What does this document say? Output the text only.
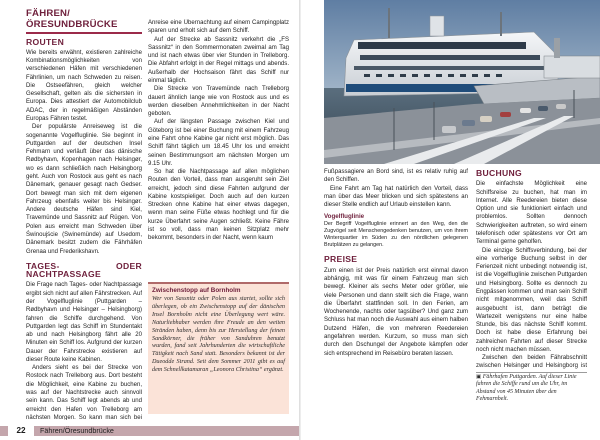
FÄHREN/ÖRESUNDBRÜCKE
ROUTEN

Wie bereits erwähnt, existieren zahlreiche Kombinationsmöglichkeiten von verschiedenen Häfen mit verschiedenen Fährlinien, um nach Schweden zu reisen. Die Ostseefähren, gleich welcher Gesellschaft, gelten als die sichersten in Europa. Dies attestiert der Automobilclub ADAC, der in regelmäßigen Abständen Europas Fähren testet.

Der populärste Anreiseweg ist die sogenannte Vogelfluglinie. Sie beginnt in Puttgarden auf der deutschen Insel Fehmarn und verläuft über das dänische Rødbyhavn, Kopenhagen nach Helsingør, wo es dann schließlich nach Helsingborg geht. Auch von Rostock aus geht es nach Dänemark, genauer gesagt nach Gedser. Dort bewegt man sich mit dem eigenen Fahrzeug ebenfalls weiter bis Helsingør. Andere deutsche Häfen sind Kiel, Travemünde und Sassnitz auf Rügen. Von Polen aus erreicht man Schweden über Świnoujście (Swinemünde) auf Usedom, Dänemark besitzt zudem die Fährhäfen Grenaa und Frederikshavn.

TAGES- ODER NACHTPASSAGE

Die Frage nach Tages- oder Nachtpassage ergibt sich nicht auf allen Fährstrecken. Auf der Vogelfluglinie (Puttgarden – Rødbyhavn und Helsingør – Helsingborg) fahren die Schiffe durchgehend. Von Puttgarden legt das Schiff im Stundentakt ab und nach Helsingborg fährt alle 20 Minuten ein Schiff los. Aufgrund der kurzen Dauer der Fahrstrecke existieren auf dieser Route keine Kabinen.

Anders sieht es bei der Strecke von Rostock nach Trelleborg aus. Dort besteht die Möglichkeit, eine Kabine zu buchen, was auf der Nachtstrecke auch sinnvoll sein kann. Das Schiff legt abends ab und erreicht den Hafen von Trelleborg am nächsten Morgen. So kann man sich bei

Anreise eine Übernachtung auf einem Campingplatz sparen und erholt sich auf dem Schiff.

Auf der Strecke ab Sassnitz verkehrt die „FS Sassnitz“ in den Sommermonaten zweimal am Tag und ist nach etwas über vier Stunden in Trelleborg. Die Abfahrt erfolgt in der Regel mittags und abends. Außerhalb der Hochsaison fährt das Schiff nur einmal täglich.

Die Strecke von Travemünde nach Trelleborg dauert ähnlich lange wie von Rostock aus und es werden dieselben Annehmlichkeiten in der Nacht geboten.

Auf der längsten Passage zwischen Kiel und Göteborg ist bei einer Buchung mit einem Fahrzeug eine Fahrt ohne Kabine gar nicht erst möglich. Das Schiff fährt täglich um 18.45 Uhr los und erreicht seinen Bestimmungsort am nächsten Morgen um 9.15 Uhr.

So hat die Nachtpassage auf allen möglichen Routen den Vorteil, dass man ausgeruht sein Ziel erreicht, jedoch sind diese Fahrten aufgrund der Kabine kostspieliger. Doch auch auf den kurzen Strecken ohne Kabine hat einer etwas dagegen, wenn man seine Füße etwas hochlegt und für die kurze Überfahrt seine Augen schließt. Keine Fähre ist so voll, dass man keinen Sitzplatz mehr bekommt, besonders in der Nacht, wenn kaum

Zwischenstopp auf Bornholm
Wer von Sassnitz oder Polen aus startet, sollte sich überlegen, ob ein Zwischenstopp auf der dänischen Insel Bornholm nicht eine Überlegung wert wäre. Naturliebhaber werden ihre Freude an den weiten Stränden haben, denn bis zur Herstellung der feinen Sandkörner, die früher von Sanduhren benutzt wurden, fand seit Jahrhunderten die wirtschaftliche Tätigkeit nach Sand statt. Besonders bekannt ist der Dueodde Strand. Seit dem Sommer 2011 gibt es auf dem Schnellkatamaran „Leonora Christina“ ergänzt.
22	Fähren/Öresundbrücke

Fußpassagiere an Bord sind, ist es relativ ruhig auf den Schiffen.

Eine Fahrt am Tag hat natürlich den Vorteil, dass man über das Meer blicken und sich spätestens an dieser Stelle endlich auf Urlaub einstellen kann.

Vogelfluglinie
Der Begriff Vogelfluglinie erinnert an den Weg, den die Zugvögel seit Menschengedenken benutzen, um von ihrem Winterquartier im Süden zu den nördlichen gelegenen Brutplätzen zu gelangen.
PREISE

Zum einen ist der Preis natürlich erst einmal davon abhängig, mit was für einem Fahrzeug man sich bewegt. Kleiner als sechs Meter oder größer, wie viele Personen und dann stellt sich die Frage, wann die Überfahrt stattfinden soll. In den Ferien, am Wochenende, nachts oder tagsüber? Und ganz zum Schluss hat man noch die Auswahl aus einem halben Dutzend Häfen, die von mehreren Reedereien angefahren werden. Kurzum, so muss man sich durch den Dschungel der Angebote kämpfen oder sich entsprechend im Reisebüro beraten lassen.

BUCHUNG

Die einfachste Möglichkeit eine Schiffsreise zu buchen, hat man im Internet. Alle Reedereien bieten diese Option und sie funktioniert einfach und problemlos. Sollten dennoch Schwierigkeiten auftreten, so wird einem telefonisch oder spätestens vor Ort am Terminal gerne geholfen.

Die einzige Schiffsverbindung, bei der eine vorherige Buchung selbst in der Ferienzeit nicht unbedingt notwendig ist, ist die Vogelfluglinie zwischen Puttgarden und Helsingborg. Sollte es dennoch zu Engpässen kommen und man sein Schiff nicht mitgenommen, weil das Schiff ausgebucht ist, dann beträgt die Wartezeit wenigstens nur eine halbe Stunde, bis das nächste Schiff kommt. Doch ist habe diese Erfahrung bei zahlreichen Fahrten auf dieser Strecke noch nicht machen müssen.

Zwischen den beiden Fährabschnitt zwischen Helsingør und Helsingborg ist

▣ Fährhafen Puttgarden. Auf dieser Linie fahren die Schiffe rund um die Uhr, im Abstand von 45 Minuten über den Fehmarnbelt.
